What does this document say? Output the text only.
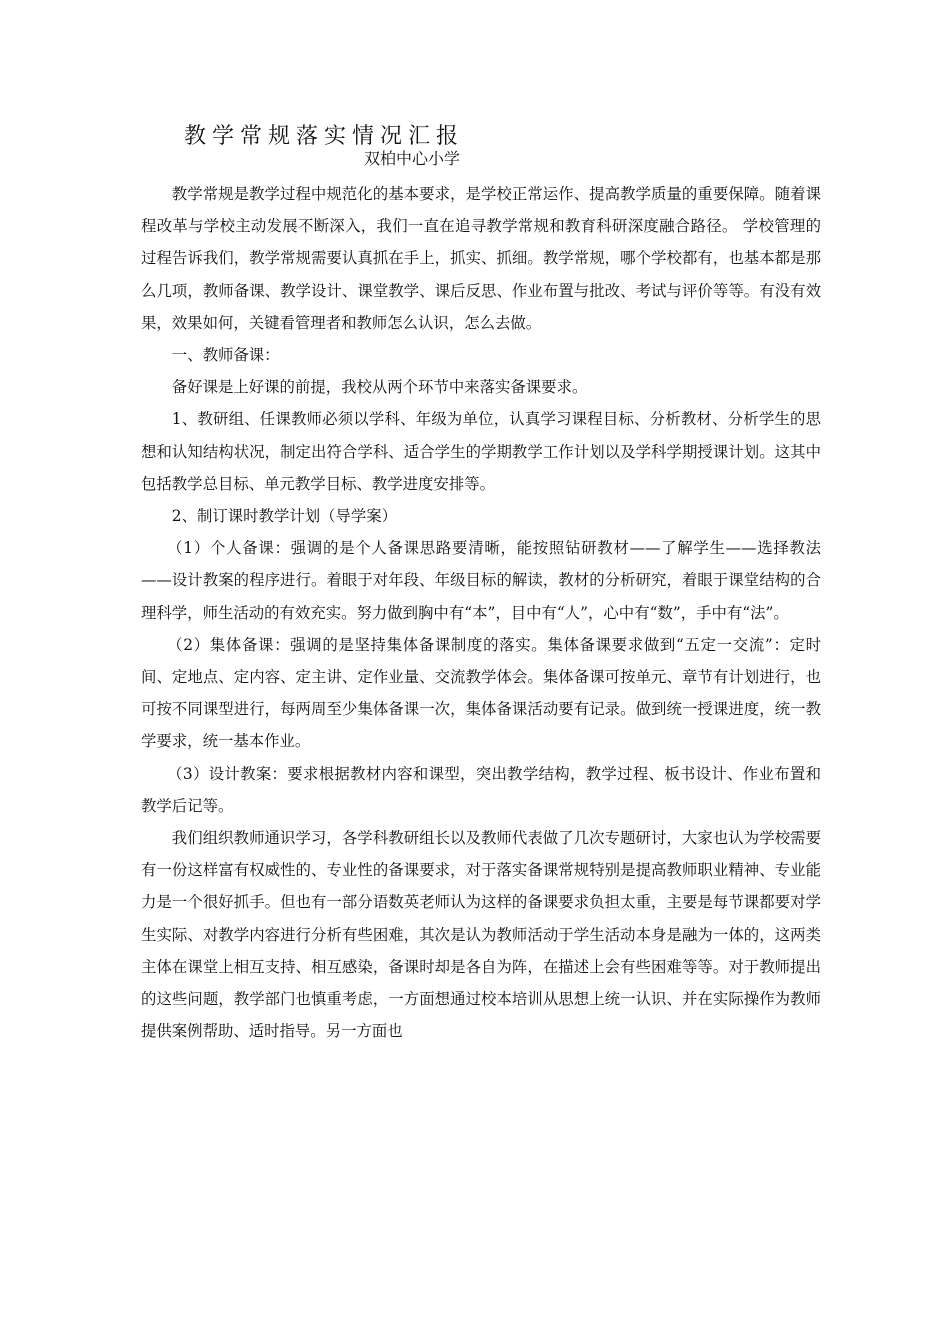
教学常规落实情况汇报
双柏中心小学

教学常规是教学过程中规范化的基本要求，是学校正常运作、提高教学质量的重要保障。随着课程改革与学校主动发展不断深入，我们一直在追寻教学常规和教育科研深度融合路径。 学校管理的过程告诉我们，教学常规需要认真抓在手上，抓实、抓细。教学常规，哪个学校都有，也基本都是那么几项，教师备课、教学设计、课堂教学、课后反思、作业布置与批改、考试与评价等等。有没有效果，效果如何，关键看管理者和教师怎么认识，怎么去做。

一、教师备课：

备好课是上好课的前提，我校从两个环节中来落实备课要求。

1、教研组、任课教师必须以学科、年级为单位，认真学习课程目标、分析教材、分析学生的思想和认知结构状况，制定出符合学科、适合学生的学期教学工作计划以及学科学期授课计划。这其中包括教学总目标、单元教学目标、教学进度安排等。

2、制订课时教学计划（导学案）

（1）个人备课：强调的是个人备课思路要清晰，能按照钻研教材——了解学生——选择教法——设计教案的程序进行。着眼于对年段、年级目标的解读，教材的分析研究，着眼于课堂结构的合理科学，师生活动的有效充实。努力做到胸中有“本”，目中有“人”，心中有“数”，手中有“法”。

（2）集体备课：强调的是坚持集体备课制度的落实。集体备课要求做到“五定一交流”：定时间、定地点、定内容、定主讲、定作业量、交流教学体会。集体备课可按单元、章节有计划进行，也可按不同课型进行，每两周至少集体备课一次，集体备课活动要有记录。做到统一授课进度，统一教学要求，统一基本作业。

（3）设计教案：要求根据教材内容和课型，突出教学结构，教学过程、板书设计、作业布置和教学后记等。

我们组织教师通识学习，各学科教研组长以及教师代表做了几次专题研讨，大家也认为学校需要有一份这样富有权威性的、专业性的备课要求，对于落实备课常规特别是提高教师职业精神、专业能力是一个很好抓手。但也有一部分语数英老师认为这样的备课要求负担太重，主要是每节课都要对学生实际、对教学内容进行分析有些困难，其次是认为教师活动于学生活动本身是融为一体的，这两类主体在课堂上相互支持、相互感染，备课时却是各自为阵，在描述上会有些困难等等。对于教师提出的这些问题，教学部门也慎重考虑，一方面想通过校本培训从思想上统一认识、并在实际操作为教师提供案例帮助、适时指导。另一方面也
